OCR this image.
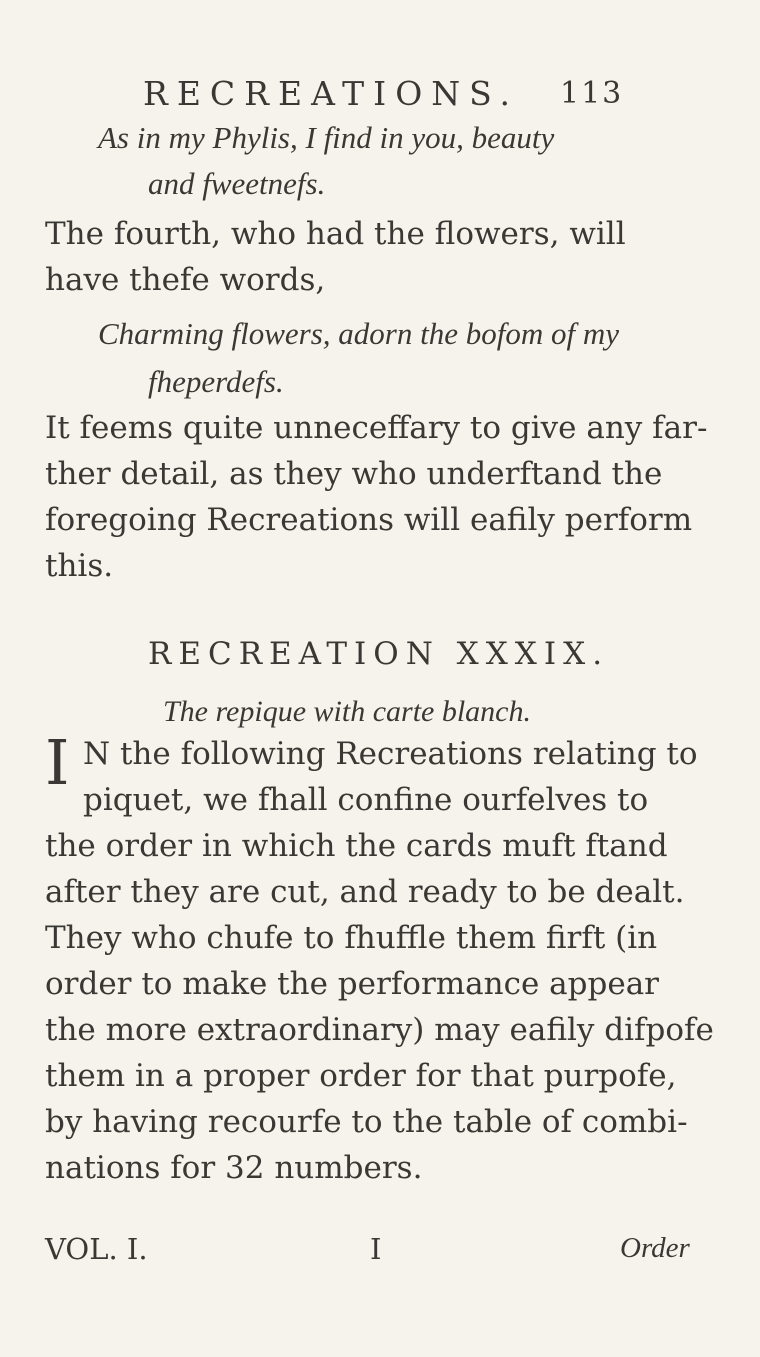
RECREATIONS. 113
As in my Phylis, I find in you, beauty
and fweetnefs.
The fourth, who had the flowers, will
have thefe words,
Charming flowers, adorn the bofom of my
fheperdefs.
It feems quite unneceffary to give any far-
ther detail, as they who underftand the
foregoing Recreations will eafily perform
this.
RECREATION XXXIX.
The repique with carte blanch.
I N the following Recreations relating to
piquet, we fhall confine ourfelves to
the order in which the cards muft ftand
after they are cut, and ready to be dealt.
They who chufe to fhuffle them firft (in
order to make the performance appear
the more extraordinary) may eafily difpofe
them in a proper order for that purpofe,
by having recourfe to the table of combi-
nations for 32 numbers.
VOL. I.	I	Order
